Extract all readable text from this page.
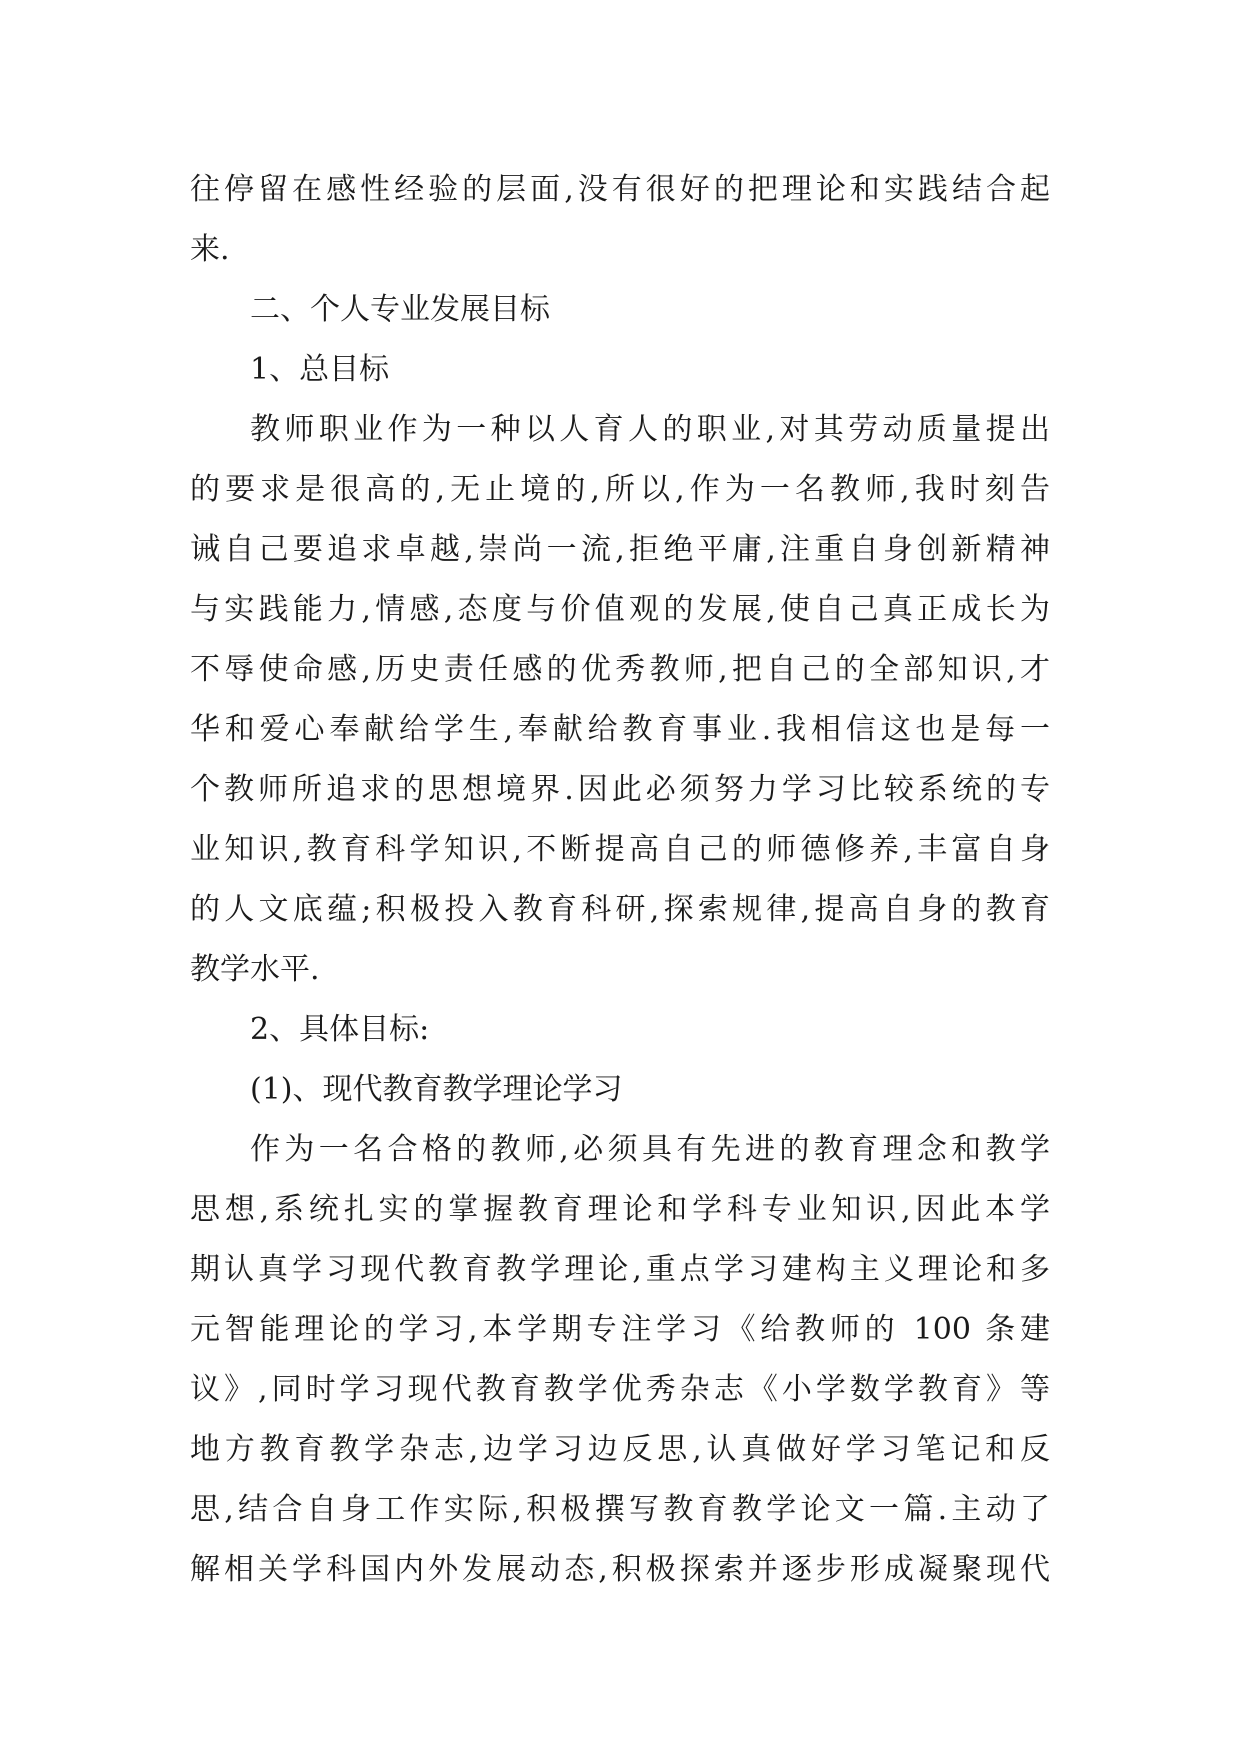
往停留在感性经验的层面,没有很好的把理论和实践结合起
来.
二、个人专业发展目标
1、总目标
教师职业作为一种以人育人的职业,对其劳动质量提出
的要求是很高的,无止境的,所以,作为一名教师,我时刻告
诫自己要追求卓越,崇尚一流,拒绝平庸,注重自身创新精神
与实践能力,情感,态度与价值观的发展,使自己真正成长为
不辱使命感,历史责任感的优秀教师,把自己的全部知识,才
华和爱心奉献给学生,奉献给教育事业.我相信这也是每一
个教师所追求的思想境界.因此必须努力学习比较系统的专
业知识,教育科学知识,不断提高自己的师德修养,丰富自身
的人文底蕴;积极投入教育科研,探索规律,提高自身的教育
教学水平.
2、具体目标:
(1)、现代教育教学理论学习
作为一名合格的教师,必须具有先进的教育理念和教学
思想,系统扎实的掌握教育理论和学科专业知识,因此本学
期认真学习现代教育教学理论,重点学习建构主义理论和多
元智能理论的学习,本学期专注学习《给教师的 100 条建
议》,同时学习现代教育教学优秀杂志《小学数学教育》等
地方教育教学杂志,边学习边反思,认真做好学习笔记和反
思,结合自身工作实际,积极撰写教育教学论文一篇.主动了
解相关学科国内外发展动态,积极探索并逐步形成凝聚现代
